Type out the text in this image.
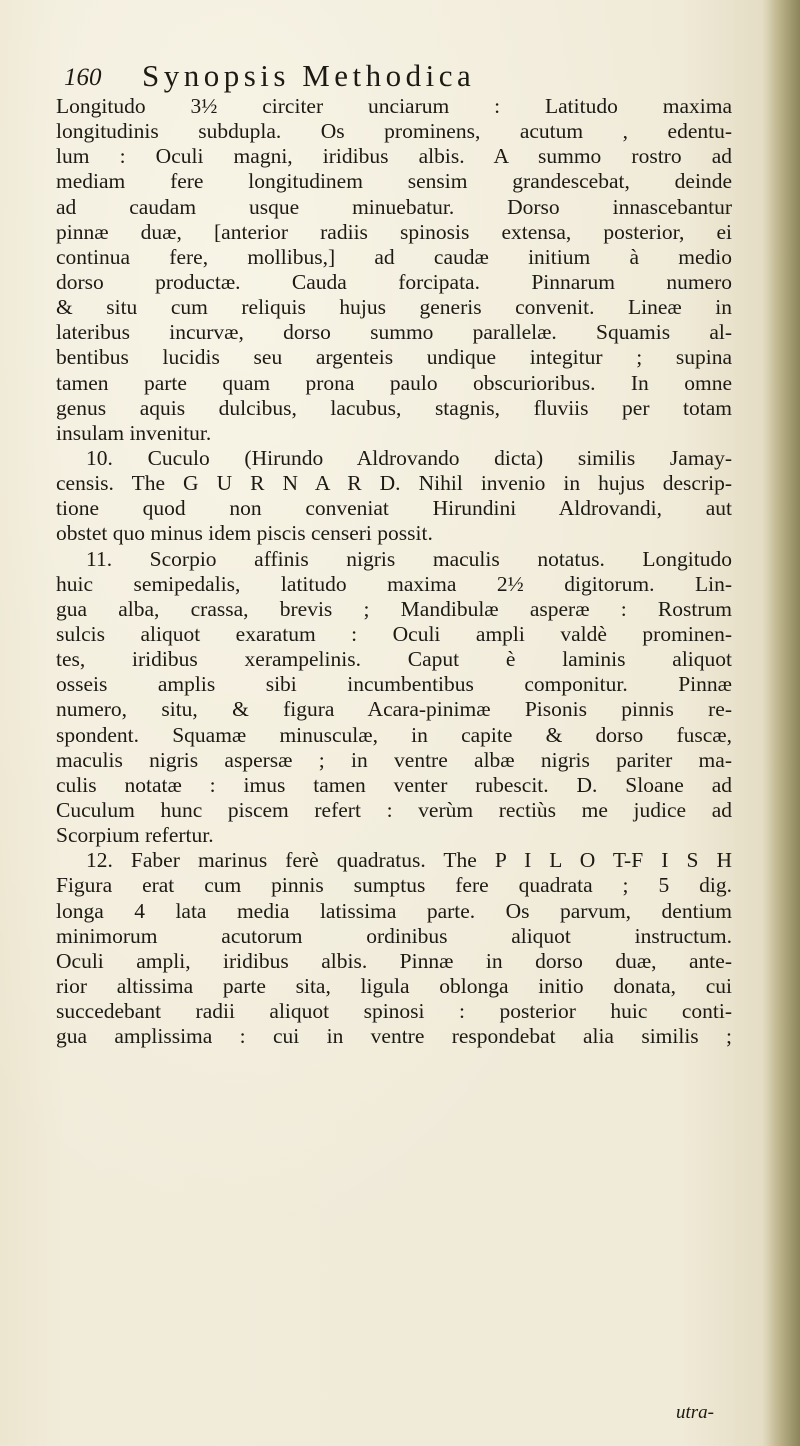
160 Synopsis Methodica
Longitudo 3½ circiter unciarum : Latitudo maxima
longitudinis subdupla. Os prominens, acutum , edentu-
lum : Oculi magni, iridibus albis. A summo rostro ad
mediam fere longitudinem sensim grandescebat, deinde
ad caudam usque minuebatur. Dorso innascebantur
pinnæ duæ, [anterior radiis spinosis extensa, posterior, ei
continua fere, mollibus,] ad caudæ initium à medio
dorso productæ. Cauda forcipata. Pinnarum numero
& situ cum reliquis hujus generis convenit. Lineæ in
lateribus incurvæ, dorso summo parallelæ. Squamis al-
bentibus lucidis seu argenteis undique integitur ; supina
tamen parte quam prona paulo obscurioribus. In omne
genus aquis dulcibus, lacubus, stagnis, fluviis per totam
insulam invenitur.
10. Cuculo (Hirundo Aldrovando dicta) similis Jamay-
censis. The G U R N A R D. Nihil invenio in hujus descrip-
tione quod non conveniat Hirundini Aldrovandi, aut
obstet quo minus idem piscis censeri possit.
11. Scorpio affinis nigris maculis notatus. Longitudo
huic semipedalis, latitudo maxima 2½ digitorum. Lin-
gua alba, crassa, brevis ; Mandibulæ asperæ : Rostrum
sulcis aliquot exaratum : Oculi ampli valdè prominen-
tes, iridibus xerampelinis. Caput è laminis aliquot
osseis amplis sibi incumbentibus componitur. Pinnæ
numero, situ, & figura Acara-pinimæ Pisonis pinnis re-
spondent. Squamæ minusculæ, in capite & dorso fuscæ,
maculis nigris aspersæ ; in ventre albæ nigris pariter ma-
culis notatæ : imus tamen venter rubescit. D. Sloane ad
Cuculum hunc piscem refert : verùm rectiùs me judice ad
Scorpium refertur.
12. Faber marinus ferè quadratus. The P I L O T-F I S H
Figura erat cum pinnis sumptus fere quadrata ; 5 dig.
longa 4 lata media latissima parte. Os parvum, dentium
minimorum acutorum ordinibus aliquot instructum.
Oculi ampli, iridibus albis. Pinnæ in dorso duæ, ante-
rior altissima parte sita, ligula oblonga initio donata, cui
succedebant radii aliquot spinosi : posterior huic conti-
gua amplissima : cui in ventre respondebat alia similis ;
utra-
